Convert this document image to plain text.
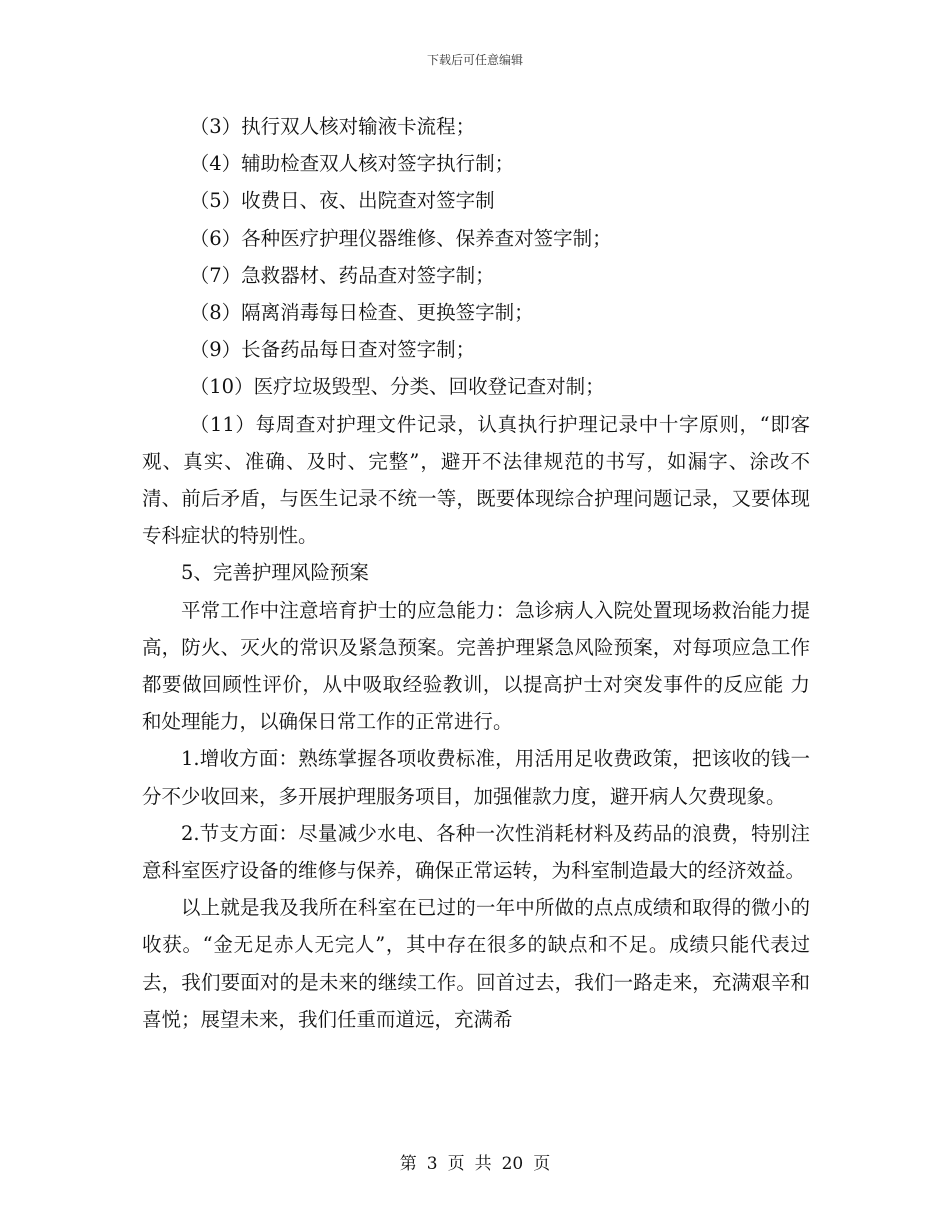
下载后可任意编辑

（3）执行双人核对输液卡流程；

（4）辅助检查双人核对签字执行制；

（5）收费日、夜、出院查对签字制

（6）各种医疗护理仪器维修、保养查对签字制；

（7）急救器材、药品查对签字制；

（8）隔离消毒每日检查、更换签字制；

（9）长备药品每日查对签字制；

（10）医疗垃圾毁型、分类、回收登记查对制；

（11）每周查对护理文件记录，认真执行护理记录中十字原则，“即客观、真实、准确、及时、完整”，避开不法律规范的书写，如漏字、涂改不清、前后矛盾，与医生记录不统一等，既要体现综合护理问题记录，又要体现专科症状的特别性。

5、完善护理风险预案

平常工作中注意培育护士的应急能力：急诊病人入院处置现场救治能力提高，防火、灭火的常识及紧急预案。完善护理紧急风险预案，对每项应急工作都要做回顾性评价，从中吸取经验教训，以提高护士对突发事件的反应能 力和处理能力，以确保日常工作的正常进行。

1.增收方面：熟练掌握各项收费标准，用活用足收费政策，把该收的钱一分不少收回来，多开展护理服务项目，加强催款力度，避开病人欠费现象。

2.节支方面：尽量减少水电、各种一次性消耗材料及药品的浪费，特别注意科室医疗设备的维修与保养，确保正常运转，为科室制造最大的经济效益。

以上就是我及我所在科室在已过的一年中所做的点点成绩和取得的微小的收获。“金无足赤人无完人”，其中存在很多的缺点和不足。成绩只能代表过去，我们要面对的是未来的继续工作。回首过去，我们一路走来，充满艰辛和喜悦；展望未来，我们任重而道远，充满希

第 3 页 共 20 页
